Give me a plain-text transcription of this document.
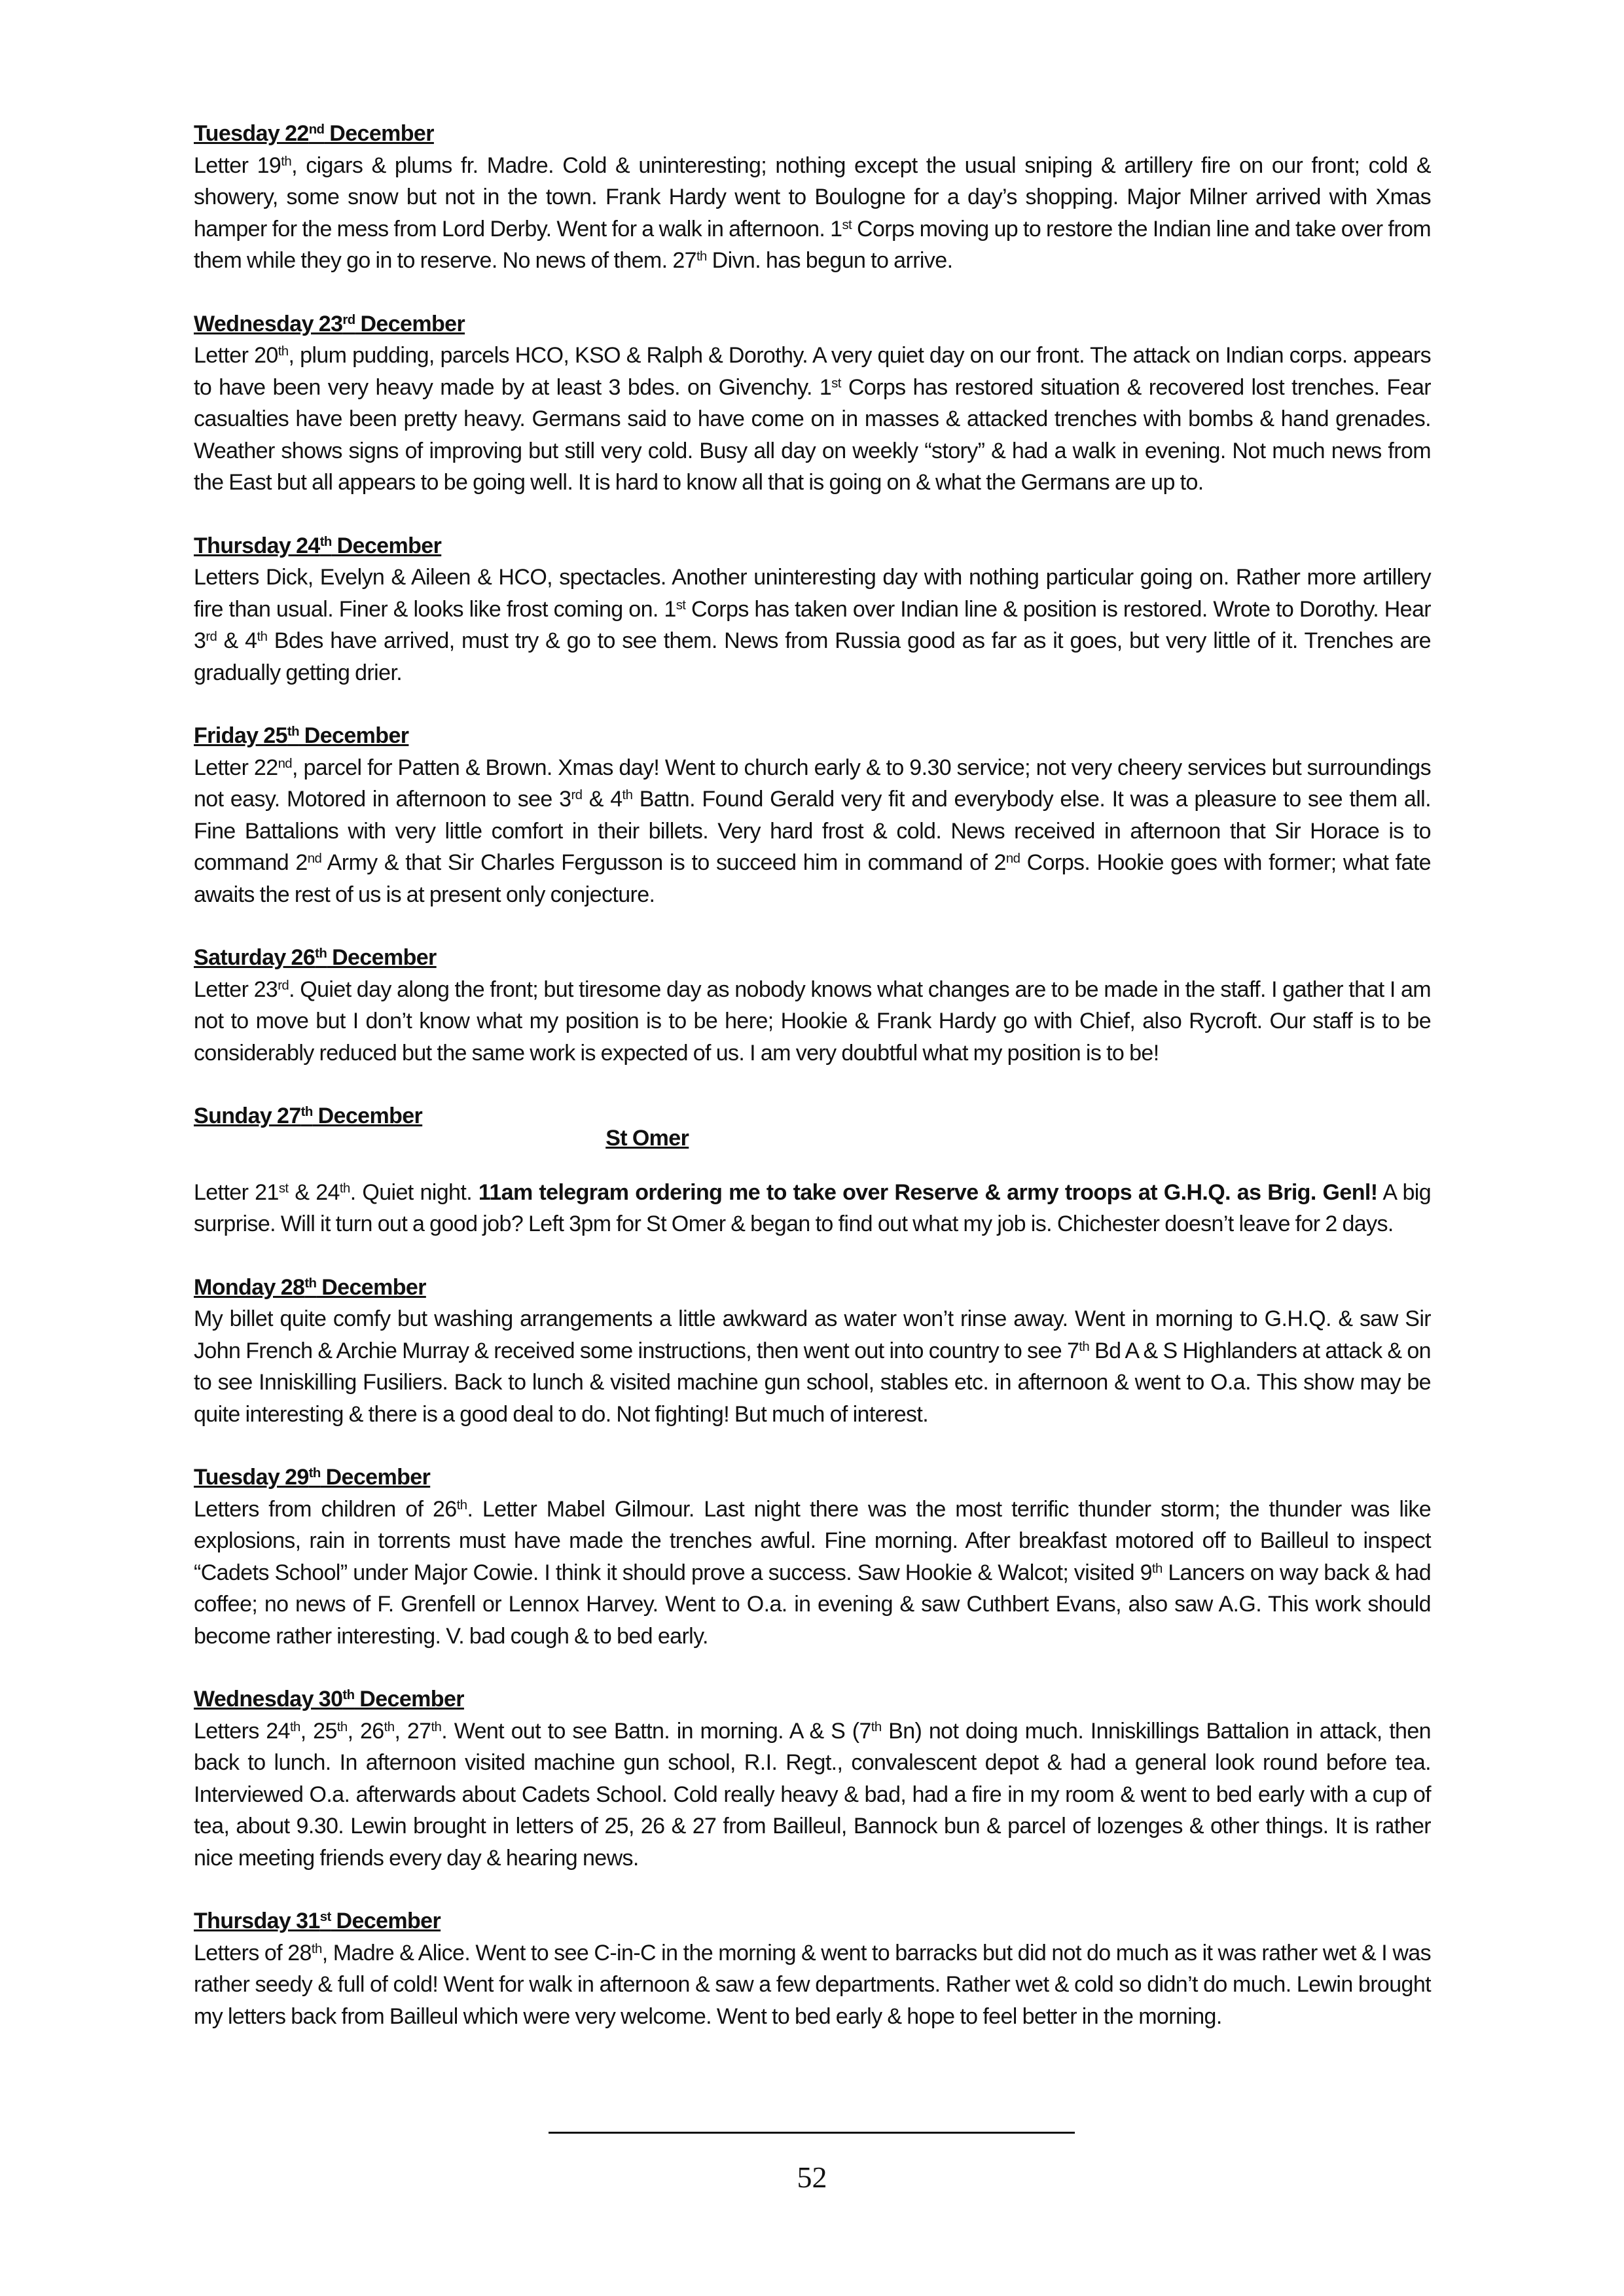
Tuesday 22nd December

Letter 19th, cigars & plums fr. Madre. Cold & uninteresting; nothing except the usual sniping & artillery fire on our front; cold & showery, some snow but not in the town. Frank Hardy went to Boulogne for a day’s shopping. Major Milner arrived with Xmas hamper for the mess from Lord Derby. Went for a walk in afternoon. 1st Corps moving up to restore the Indian line and take over from them while they go in to reserve. No news of them. 27th Divn. has begun to arrive.

Wednesday 23rd December

Letter 20th, plum pudding, parcels HCO, KSO & Ralph & Dorothy. A very quiet day on our front. The attack on Indian corps. appears to have been very heavy made by at least 3 bdes. on Givenchy. 1st Corps has restored situation & recovered lost trenches. Fear casualties have been pretty heavy. Germans said to have come on in masses & attacked trenches with bombs & hand grenades. Weather shows signs of improving but still very cold. Busy all day on weekly “story” & had a walk in evening. Not much news from the East but all appears to be going well. It is hard to know all that is going on & what the Germans are up to.

Thursday 24th December

Letters Dick, Evelyn & Aileen & HCO, spectacles. Another uninteresting day with nothing particular going on. Rather more artillery fire than usual. Finer & looks like frost coming on. 1st Corps has taken over Indian line & position is restored. Wrote to Dorothy. Hear 3rd & 4th Bdes have arrived, must try & go to see them. News from Russia good as far as it goes, but very little of it. Trenches are gradually getting drier.

Friday 25th December

Letter 22nd, parcel for Patten & Brown. Xmas day! Went to church early & to 9.30 service; not very cheery services but surroundings not easy. Motored in afternoon to see 3rd & 4th Battn. Found Gerald very fit and everybody else. It was a pleasure to see them all. Fine Battalions with very little comfort in their billets. Very hard frost & cold. News received in afternoon that Sir Horace is to command 2nd Army & that Sir Charles Fergusson is to succeed him in command of 2nd Corps. Hookie goes with former; what fate awaits the rest of us is at present only conjecture.

Saturday 26th December

Letter 23rd. Quiet day along the front; but tiresome day as nobody knows what changes are to be made in the staff. I gather that I am not to move but I don’t know what my position is to be here; Hookie & Frank Hardy go with Chief, also Rycroft. Our staff is to be considerably reduced but the same work is expected of us. I am very doubtful what my position is to be!

Sunday 27th December

St Omer

Letter 21st & 24th. Quiet night. 11am telegram ordering me to take over Reserve & army troops at G.H.Q. as Brig. Genl! A big surprise. Will it turn out a good job? Left 3pm for St Omer & began to find out what my job is. Chichester doesn’t leave for 2 days.

Monday 28th December

My billet quite comfy but washing arrangements a little awkward as water won’t rinse away. Went in morning to G.H.Q. & saw Sir John French & Archie Murray & received some instructions, then went out into country to see 7th Bd A & S Highlanders at attack & on to see Inniskilling Fusiliers. Back to lunch & visited machine gun school, stables etc. in afternoon & went to O.a. This show may be quite interesting & there is a good deal to do. Not fighting! But much of interest.

Tuesday 29th December

Letters from children of 26th. Letter Mabel Gilmour. Last night there was the most terrific thunder storm; the thunder was like explosions, rain in torrents must have made the trenches awful. Fine morning. After breakfast motored off to Bailleul to inspect “Cadets School” under Major Cowie. I think it should prove a success. Saw Hookie & Walcot; visited 9th Lancers on way back & had coffee; no news of F. Grenfell or Lennox Harvey. Went to O.a. in evening & saw Cuthbert Evans, also saw A.G. This work should become rather interesting. V. bad cough & to bed early.

Wednesday 30th December

Letters 24th, 25th, 26th, 27th. Went out to see Battn. in morning. A & S (7th Bn) not doing much. Inniskillings Battalion in attack, then back to lunch. In afternoon visited machine gun school, R.I. Regt., convalescent depot & had a general look round before tea. Interviewed O.a. afterwards about Cadets School. Cold really heavy & bad, had a fire in my room & went to bed early with a cup of tea, about 9.30. Lewin brought in letters of 25, 26 & 27 from Bailleul, Bannock bun & parcel of lozenges & other things. It is rather nice meeting friends every day & hearing news.

Thursday 31st December

Letters of 28th, Madre & Alice. Went to see C-in-C in the morning & went to barracks but did not do much as it was rather wet & I was rather seedy & full of cold! Went for walk in afternoon & saw a few departments. Rather wet & cold so didn’t do much. Lewin brought my letters back from Bailleul which were very welcome. Went to bed early & hope to feel better in the morning.

52
